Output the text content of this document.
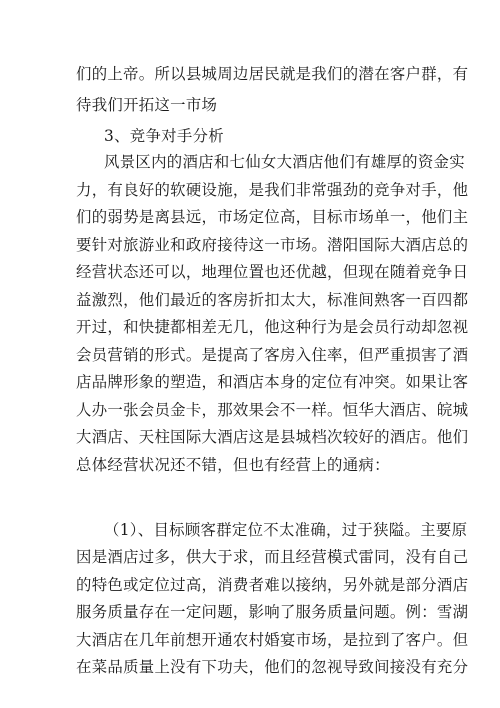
们的上帝。所以县城周边居民就是我们的潜在客户群，有
待我们开拓这一市场
3、竞争对手分析
风景区内的酒店和七仙女大酒店他们有雄厚的资金实
力，有良好的软硬设施，是我们非常强劲的竞争对手，他
们的弱势是离县远，市场定位高，目标市场单一，他们主
要针对旅游业和政府接待这一市场。潜阳国际大酒店总的
经营状态还可以，地理位置也还优越，但现在随着竞争日
益激烈，他们最近的客房折扣太大，标准间熟客一百四都
开过，和快捷都相差无几，他这种行为是会员行动却忽视
会员营销的形式。是提高了客房入住率，但严重损害了酒
店品牌形象的塑造，和酒店本身的定位有冲突。如果让客
人办一张会员金卡，那效果会不一样。恒华大酒店、皖城
大酒店、天柱国际大酒店这是县城档次较好的酒店。他们
总体经营状况还不错，但也有经营上的通病：
（1）、目标顾客群定位不太准确，过于狭隘。主要原
因是酒店过多，供大于求，而且经营模式雷同，没有自己
的特色或定位过高，消费者难以接纳，另外就是部分酒店
服务质量存在一定问题，影响了服务质量问题。例：雪湖
大酒店在几年前想开通农村婚宴市场，是拉到了客户。但
在菜品质量上没有下功夫，他们的忽视导致间接没有充分
